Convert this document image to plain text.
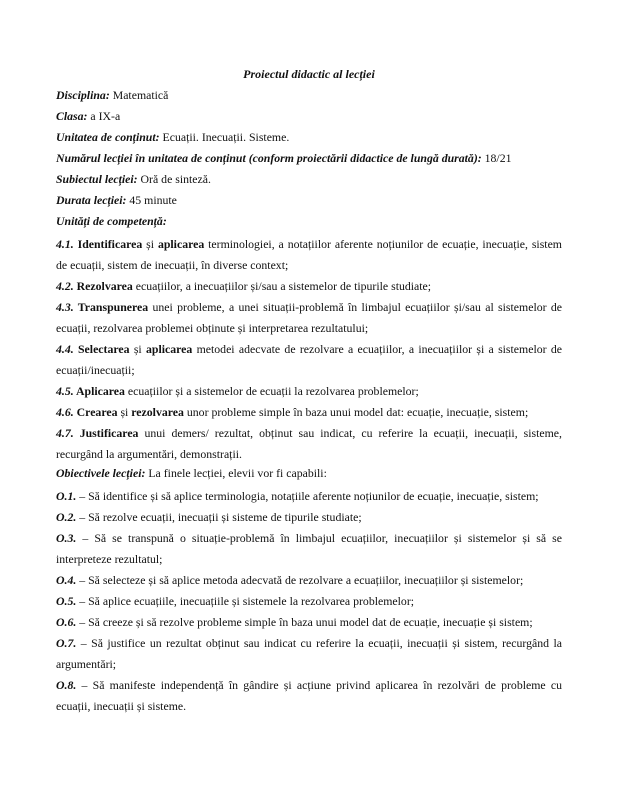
Proiectul didactic al lecției
Disciplina: Matematică
Clasa: a IX-a
Unitatea de conținut: Ecuații. Inecuații. Sisteme.
Numărul lecției în unitatea de conținut (conform proiectării didactice de lungă durată): 18/21
Subiectul lecției: Oră de sinteză.
Durata lecției: 45 minute
Unități de competență:
4.1. Identificarea și aplicarea terminologiei, a notațiilor aferente noțiunilor de ecuație, inecuație, sistem de ecuații, sistem de inecuații, în diverse context;
4.2. Rezolvarea ecuațiilor, a inecuațiilor și/sau a sistemelor de tipurile studiate;
4.3. Transpunerea unei probleme, a unei situații-problemă în limbajul ecuațiilor și/sau al sistemelor de ecuații, rezolvarea problemei obținute și interpretarea rezultatului;
4.4. Selectarea și aplicarea metodei adecvate de rezolvare a ecuațiilor, a inecuațiilor și a sistemelor de ecuații/inecuații;
4.5. Aplicarea ecuațiilor și a sistemelor de ecuații la rezolvarea problemelor;
4.6. Crearea și rezolvarea unor probleme simple în baza unui model dat: ecuație, inecuație, sistem;
4.7. Justificarea unui demers/ rezultat, obținut sau indicat, cu referire la ecuații, inecuații, sisteme, recurgând la argumentări, demonstrații.
Obiectivele lecției: La finele lecției, elevii vor fi capabili:
O.1. – Să identifice și să aplice terminologia, notațiile aferente noțiunilor de ecuație, inecuație, sistem;
O.2. – Să rezolve ecuații, inecuații și sisteme de tipurile studiate;
O.3. – Să se transpună o situație-problemă în limbajul ecuațiilor, inecuațiilor și sistemelor și să se interpreteze rezultatul;
O.4. – Să selecteze și să aplice metoda adecvată de rezolvare a ecuațiilor, inecuațiilor și sistemelor;
O.5. – Să aplice ecuațiile, inecuațiile și sistemele la rezolvarea problemelor;
O.6. – Să creeze și să rezolve probleme simple în baza unui model dat de ecuație, inecuație și sistem;
O.7. – Să justifice un rezultat obținut sau indicat cu referire la ecuații, inecuații și sistem, recurgând la argumentări;
O.8. – Să manifeste independență în gândire și acțiune privind aplicarea în rezolvări de probleme cu ecuații, inecuații și sisteme.
